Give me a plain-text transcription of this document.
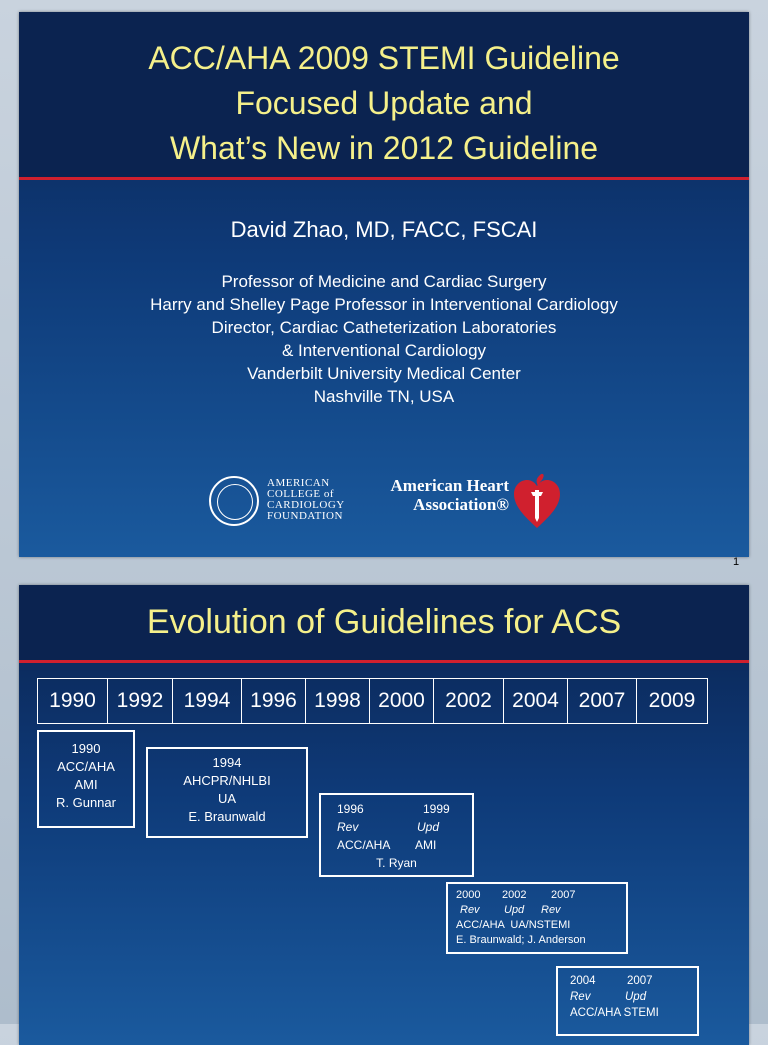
ACC/AHA 2009 STEMI Guideline
Focused Update and
What’s New in 2012 Guideline
David Zhao, MD, FACC, FSCAI
Professor of Medicine and Cardiac Surgery
Harry and Shelley Page Professor in Interventional Cardiology
Director, Cardiac Catheterization Laboratories
& Interventional Cardiology
Vanderbilt University Medical Center
Nashville TN, USA
AMERICAN
COLLEGE of
CARDIOLOGY
FOUNDATION
American Heart
Association®
1
Evolution of Guidelines for ACS
1990 1992 1994 1996 1998 2000 2002 2004 2007	2009
1990
ACC/AHA
AMI
R. Gunnar
1994
AHCPR/NHLBI
UA
E. Braunwald	1996	1999
Rev	Upd
ACC/AHA	AMI
T. Ryan
2000	2002	2007
Rev	Upd	Rev
ACC/AHA  UA/NSTEMI
E. Braunwald; J. Anderson
2004	2007
Rev	Upd
ACC/AHA STEMI
